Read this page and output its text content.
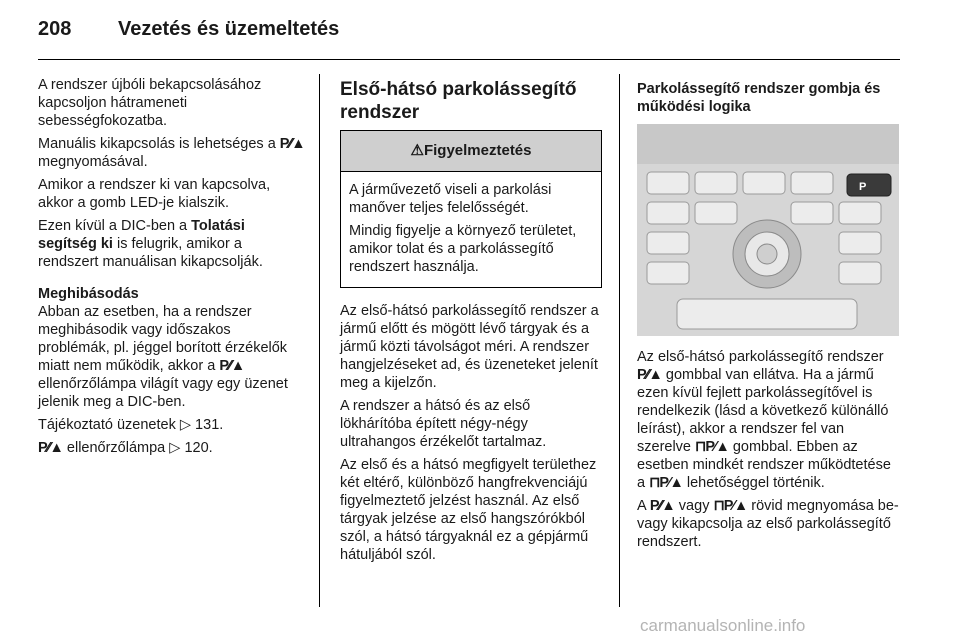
208 Vezetés és üzemeltetés

A rendszer újbóli bekapcsolásához kapcsoljon hátrameneti sebességfokozatba.

Manuális kikapcsolás is lehetséges a P⁄⁄▲ megnyomásával.

Amikor a rendszer ki van kapcsolva, akkor a gomb LED-je kialszik.

Ezen kívül a DIC-ben a Tolatási segítség ki is felugrik, amikor a rendszert manuálisan kikapcsolják.

Meghibásodás

Abban az esetben, ha a rendszer meghibásodik vagy időszakos problémák, pl. jéggel borított érzékelők miatt nem működik, akkor a P⁄⁄▲ ellenőrzőlámpa világít vagy egy üzenet jelenik meg a DIC-ben.

Tájékoztató üzenetek ▷ 131.

P⁄⁄▲ ellenőrzőlámpa ▷ 120.

Első-hátsó parkolássegítő rendszer
⚠ Figyelmeztetés

A járművezető viseli a parkolási manőver teljes felelősségét.

Mindig figyelje a környező területet, amikor tolat és a parkolássegítő rendszert használja.

Az első-hátsó parkolássegítő rendszer a jármű előtt és mögött lévő tárgyak és a jármű közti távolságot méri. A rendszer hangjelzéseket ad, és üzeneteket jelenít meg a kijelzőn.

A rendszer a hátsó és az első lökhárítóba épített négy-négy ultrahangos érzékelőt tartalmaz.

Az első és a hátsó megfigyelt területhez két eltérő, különböző hangfrekvenciájú figyelmeztető jelzést használ. Az első tárgyak jelzése az első hangszórókból szól, a hátsó tárgyaknál ez a gépjármű hátuljából szól.

Parkolássegítő rendszer gombja és működési logika
P

Az első-hátsó parkolássegítő rendszer P⁄⁄▲ gombbal van ellátva. Ha a jármű ezen kívül fejlett parkolássegítővel is rendelkezik (lásd a következő különálló leírást), akkor a rendszer fel van szerelve ⊓P⁄▲ gombbal. Ebben az esetben mindkét rendszer működtetése a ⊓P⁄▲ lehetőséggel történik.

A P⁄⁄▲ vagy ⊓P⁄▲ rövid megnyomása be- vagy kikapcsolja az első parkolássegítő rendszert.

carmanualsonline.info
